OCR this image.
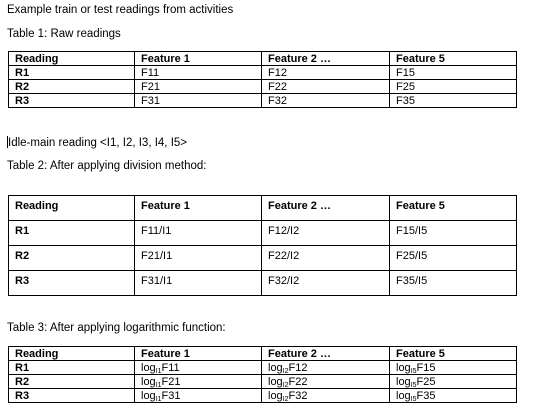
Example train or test readings from activities
Table 1: Raw readings
Reading	Feature 1	Feature 2 …	Feature 5
R1	F11	F12	F15
R2	F21	F22	F25
R3	F31	F32	F35
Idle-main reading <I1, I2, I3, I4, I5>
Table 2: After applying division method:
Reading	Feature 1	Feature 2 …	Feature 5
R1	F11/I1	F12/I2	F15/I5
R2	F21/I1	F22/I2	F25/I5
R3	F31/I1	F32/I2	F35/I5
Table 3: After applying logarithmic function:
Reading	Feature 1	Feature 2 …	Feature 5
R1	$\log_{I1}F11$	$\log_{I2}F12$	$\log_{I5}F15$
R2	$\log_{I1}F21$	$\log_{I2}F22$	$\log_{I5}F25$
R3	$\log_{I1}F31$	$\log_{I2}F32$	$\log_{I5}F35$
